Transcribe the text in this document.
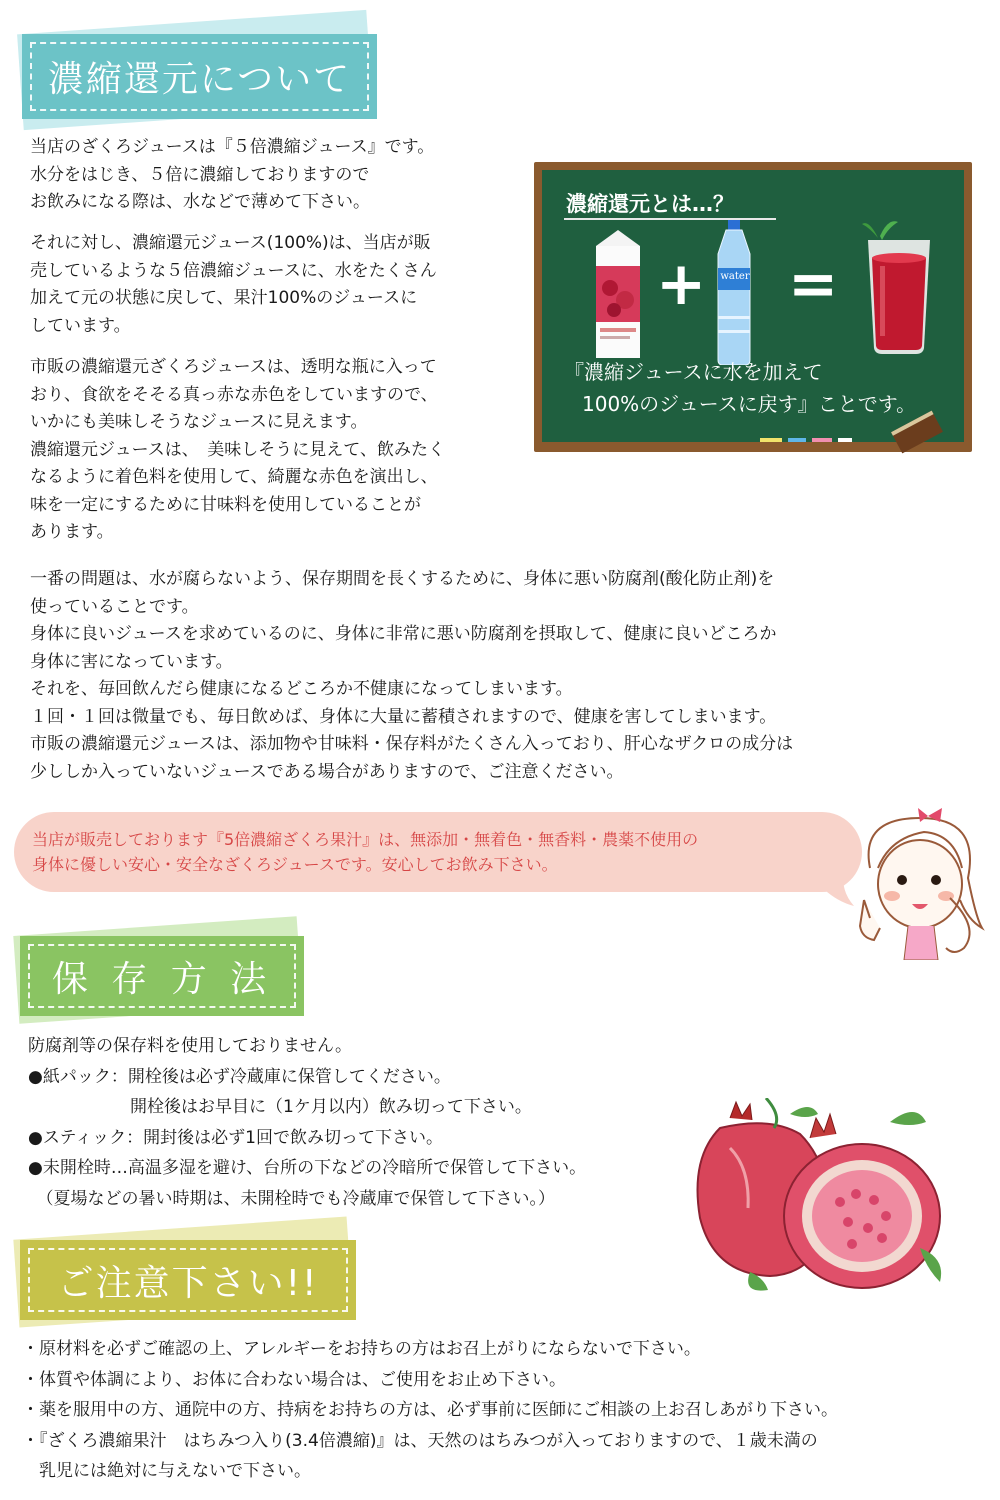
濃縮還元について
当店のざくろジュースは『５倍濃縮ジュース』です。
水分をはじき、５倍に濃縮しておりますので
お飲みになる際は、水などで薄めて下さい。
それに対し、濃縮還元ジュース(100%)は、当店が販
売しているような５倍濃縮ジュースに、水をたくさん
加えて元の状態に戻して、果汁100%のジュースに
しています。
市販の濃縮還元ざくろジュースは、透明な瓶に入って
おり、食欲をそそる真っ赤な赤色をしていますので、
いかにも美味しそうなジュースに見えます。
濃縮還元ジュースは、　美味しそうに見えて、飲みたく
なるように着色料を使用して、綺麗な赤色を演出し、
味を一定にするために甘味料を使用していることが
あります。
濃縮還元とは…？
+	water =
『濃縮ジュースに水を加えて
100%のジュースに戻す』ことです。
一番の問題は、水が腐らないよう、保存期間を長くするために、身体に悪い防腐剤(酸化防止剤)を
使っていることです。
身体に良いジュースを求めているのに、身体に非常に悪い防腐剤を摂取して、健康に良いどころか
身体に害になっています。
それを、毎回飲んだら健康になるどころか不健康になってしまいます。
１回・１回は微量でも、毎日飲めば、身体に大量に蓄積されますので、健康を害してしまいます。
市販の濃縮還元ジュースは、添加物や甘味料・保存料がたくさん入っており、肝心なザクロの成分は
少ししか入っていないジュースである場合がありますので、ご注意ください。
当店が販売しております『5倍濃縮ざくろ果汁』は、無添加・無着色・無香料・農薬不使用の
身体に優しい安心・安全なざくろジュースです。安心してお飲み下さい。
保 存 方 法
防腐剤等の保存料を使用しておりません。
●紙パック：開栓後は必ず冷蔵庫に保管してください。
　　　　　　開栓後はお早目に（1ケ月以内）飲み切って下さい。
●スティック：開封後は必ず1回で飲み切って下さい。
●未開栓時…高温多湿を避け、台所の下などの冷暗所で保管して下さい。
　（夏場などの暑い時期は、未開栓時でも冷蔵庫で保管して下さい。）
ご注意下さい!!
・原材料を必ずご確認の上、アレルギーをお持ちの方はお召上がりにならないで下さい。
・体質や体調により、お体に合わない場合は、ご使用をお止め下さい。
・薬を服用中の方、通院中の方、持病をお持ちの方は、必ず事前に医師にご相談の上お召しあがり下さい。
・『ざくろ濃縮果汁　はちみつ入り(3.4倍濃縮)』は、天然のはちみつが入っておりますので、１歳未満の
　乳児には絶対に与えないで下さい。
